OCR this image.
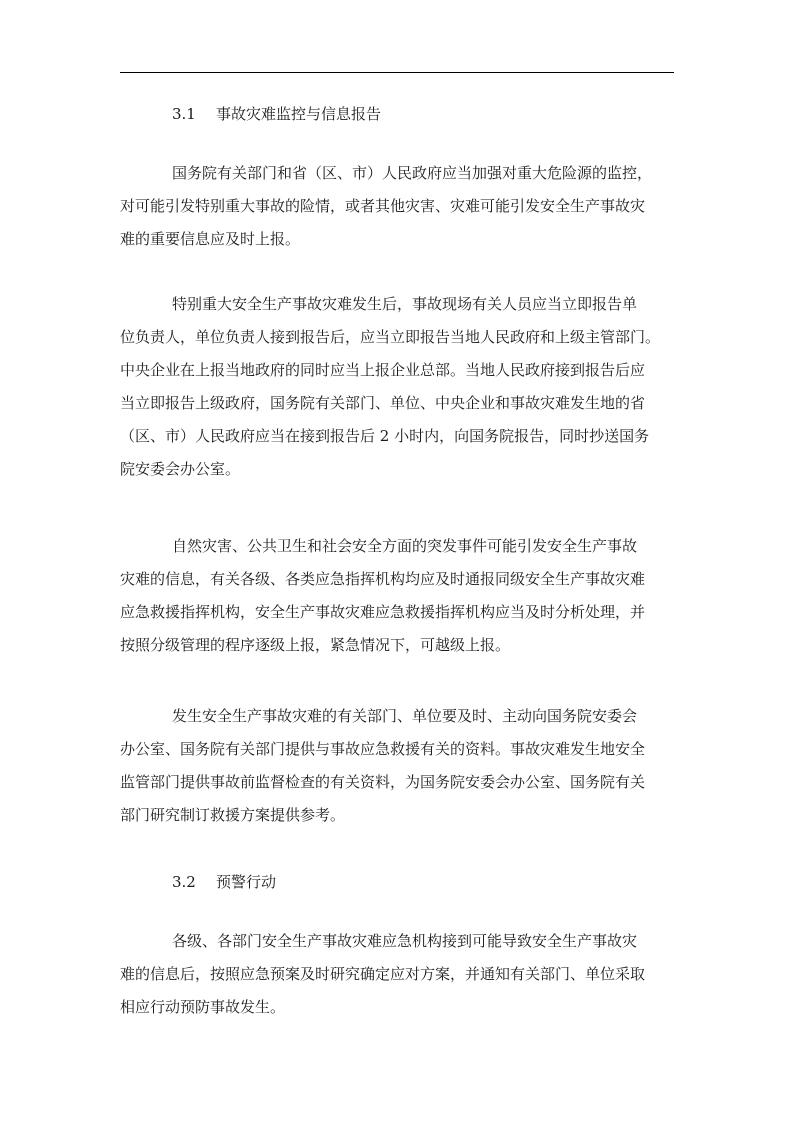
3.1 事故灾难监控与信息报告
国务院有关部门和省（区、市）人民政府应当加强对重大危险源的监控，
对可能引发特别重大事故的险情，或者其他灾害、灾难可能引发安全生产事故灾
难的重要信息应及时上报。
特别重大安全生产事故灾难发生后，事故现场有关人员应当立即报告单
位负责人，单位负责人接到报告后，应当立即报告当地人民政府和上级主管部门。
中央企业在上报当地政府的同时应当上报企业总部。当地人民政府接到报告后应
当立即报告上级政府，国务院有关部门、单位、中央企业和事故灾难发生地的省
（区、市）人民政府应当在接到报告后 2 小时内，向国务院报告，同时抄送国务
院安委会办公室。
自然灾害、公共卫生和社会安全方面的突发事件可能引发安全生产事故
灾难的信息，有关各级、各类应急指挥机构均应及时通报同级安全生产事故灾难
应急救援指挥机构，安全生产事故灾难应急救援指挥机构应当及时分析处理，并
按照分级管理的程序逐级上报，紧急情况下，可越级上报。
发生安全生产事故灾难的有关部门、单位要及时、主动向国务院安委会
办公室、国务院有关部门提供与事故应急救援有关的资料。事故灾难发生地安全
监管部门提供事故前监督检查的有关资料，为国务院安委会办公室、国务院有关
部门研究制订救援方案提供参考。
3.2 预警行动
各级、各部门安全生产事故灾难应急机构接到可能导致安全生产事故灾
难的信息后，按照应急预案及时研究确定应对方案，并通知有关部门、单位采取
相应行动预防事故发生。
